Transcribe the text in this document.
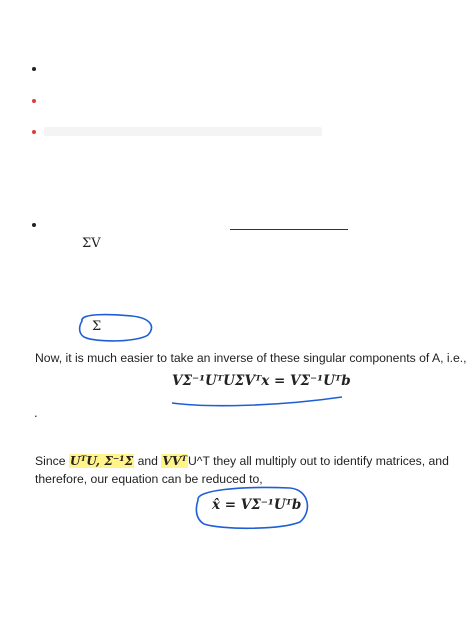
ΣV
Σ
Now, it is much easier to take an inverse of these singular components of A, i.e.,
VΣ⁻¹UᵀUΣVᵀx = VΣ⁻¹Uᵀb
.
Since UᵀU, Σ⁻¹Σ and VVᵀU^T they all multiply out to identify matrices, and
therefore, our equation can be reduced to,
x̂ = VΣ⁻¹Uᵀb
